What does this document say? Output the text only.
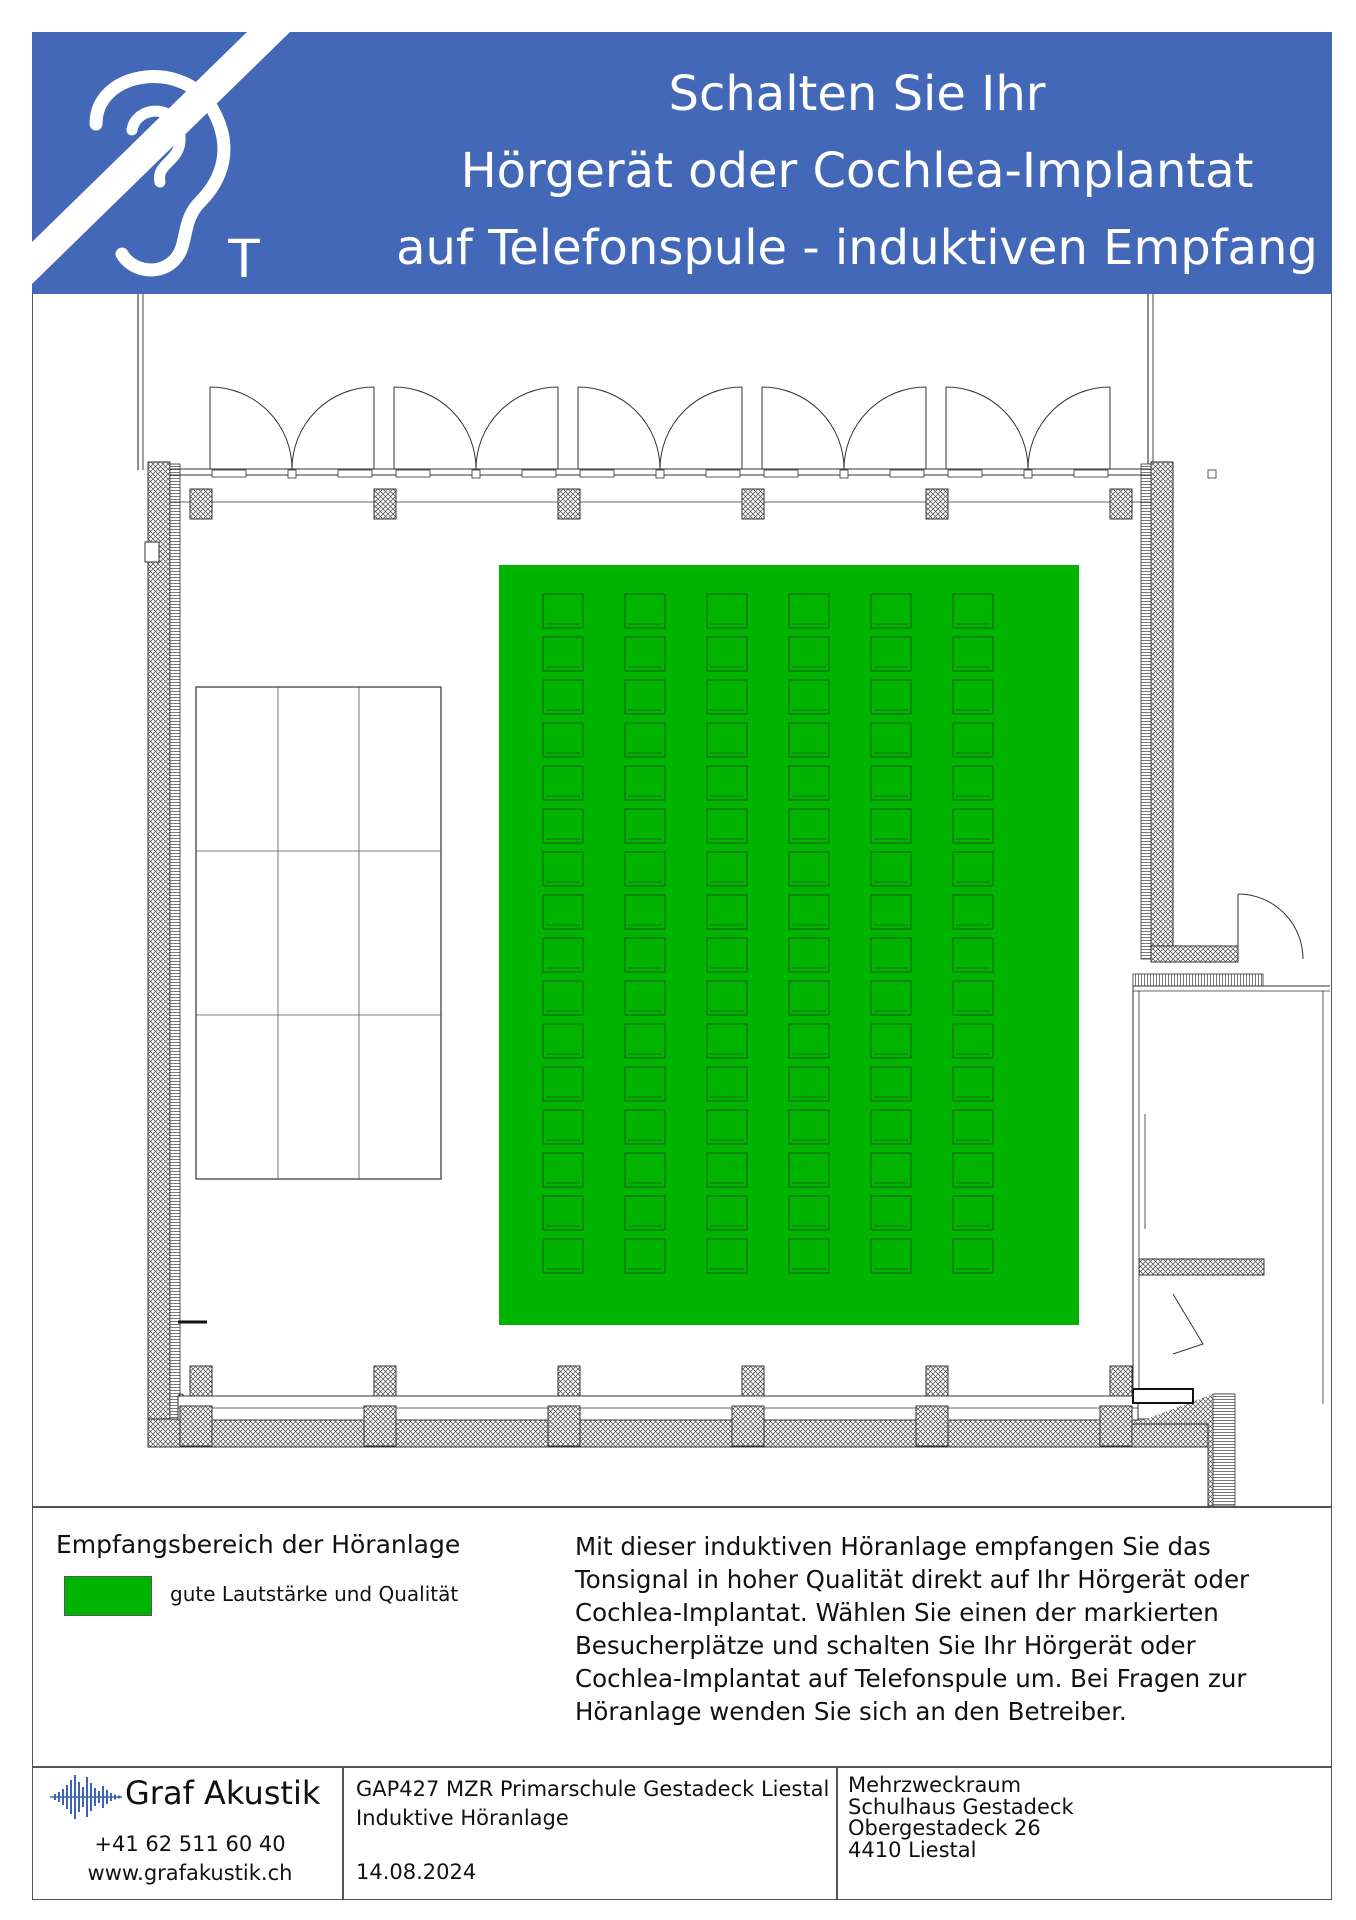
T
Schalten Sie Ihr
Hörgerät oder Cochlea-Implantat
auf Telefonspule - induktiven Empfang
Empfangsbereich der Höranlage
gute Lautstärke und Qualität
Mit dieser induktiven Höranlage empfangen Sie das
Tonsignal in hoher Qualität direkt auf Ihr Hörgerät oder
Cochlea-Implantat. Wählen Sie einen der markierten
Besucherplätze und schalten Sie Ihr Hörgerät oder
Cochlea-Implantat auf Telefonspule um. Bei Fragen zur
Höranlage wenden Sie sich an den Betreiber.
Graf Akustik
+41 62 511 60 40
www.grafakustik.ch
GAP427 MZR Primarschule Gestadeck Liestal
Induktive Höranlage
14.08.2024
Mehrzweckraum
Schulhaus Gestadeck
Obergestadeck 26
4410 Liestal
